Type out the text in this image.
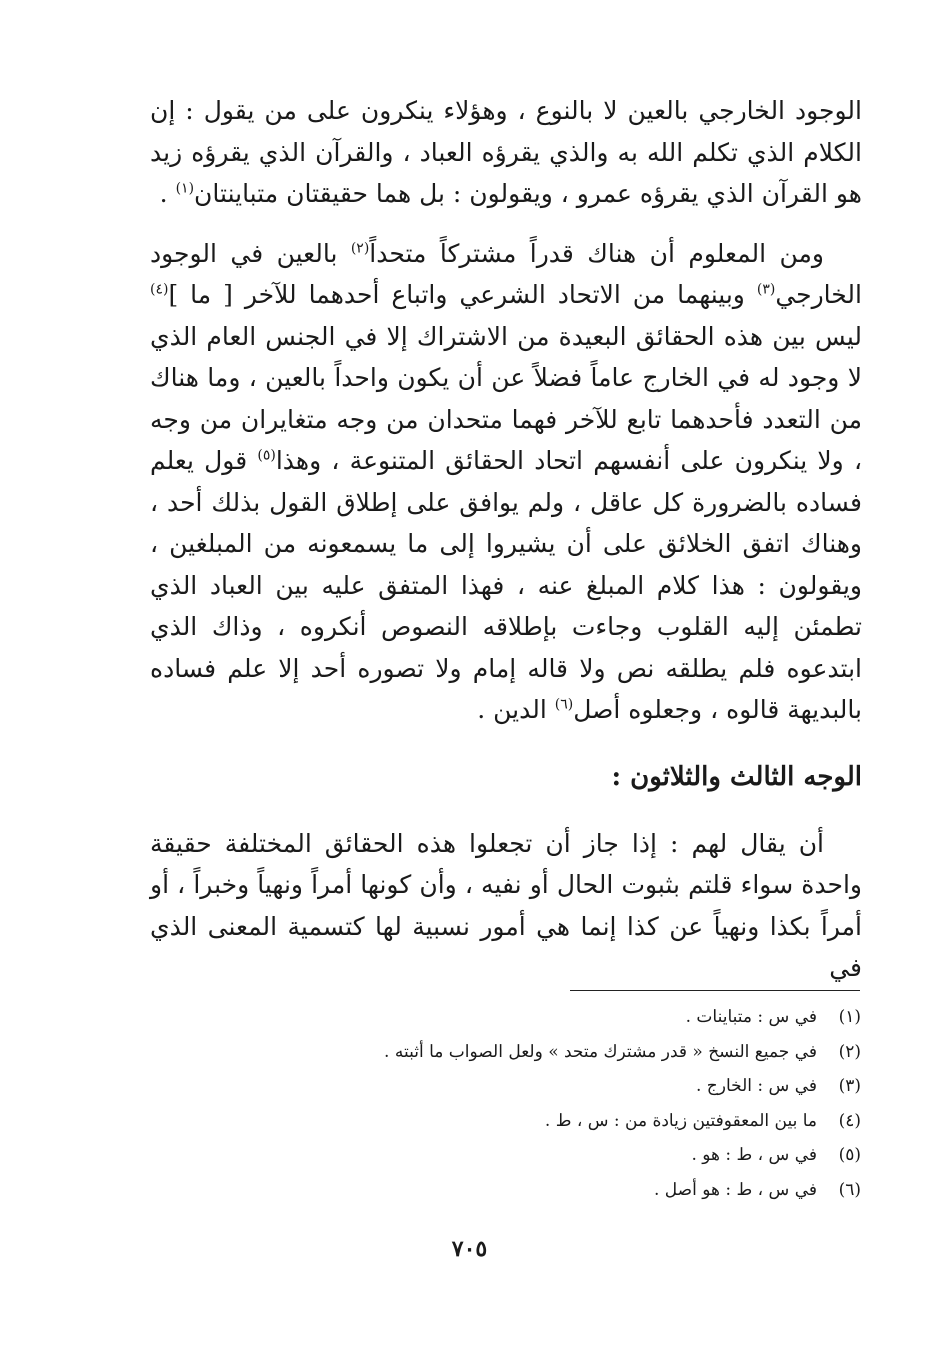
الوجود الخارجي بالعين لا بالنوع ، وهؤلاء ينكرون على من يقول : إن الكلام الذي تكلم الله به والذي يقرؤه العباد ، والقرآن الذي يقرؤه زيد هو القرآن الذي يقرؤه عمرو ، ويقولون : بل هما حقيقتان متباينتان$^{(١)}$ .

ومن المعلوم أن هناك قدراً مشتركاً متحداً$^{(٢)}$ بالعين في الوجود الخارجي$^{(٣)}$ وبينهما من الاتحاد الشرعي واتباع أحدهما للآخر [ ما ]$^{(٤)}$ ليس بين هذه الحقائق البعيدة من الاشتراك إلا في الجنس العام الذي لا وجود له في الخارج عاماً فضلاً عن أن يكون واحداً بالعين ، وما هناك من التعدد فأحدهما تابع للآخر فهما متحدان من وجه متغايران من وجه ، ولا ينكرون على أنفسهم اتحاد الحقائق المتنوعة ، وهذا$^{(٥)}$ قول يعلم فساده بالضرورة كل عاقل ، ولم يوافق على إطلاق القول بذلك أحد ، وهناك اتفق الخلائق على أن يشيروا إلى ما يسمعونه من المبلغين ، ويقولون : هذا كلام المبلغ عنه ، فهذا المتفق عليه بين العباد الذي تطمئن إليه القلوب وجاءت بإطلاقه النصوص أنكروه ، وذاك الذي ابتدعوه فلم يطلقه نص ولا قاله إمام ولا تصوره أحد إلا علم فساده بالبديهة قالوه ، وجعلوه أصل$^{(٦)}$ الدين .

الوجه الثالث والثلاثون :

أن يقال لهم : إذا جاز أن تجعلوا هذه الحقائق المختلفة حقيقة واحدة سواء قلتم بثبوت الحال أو نفيه ، وأن كونها أمراً ونهياً وخبراً ، أو أمراً بكذا ونهياً عن كذا إنما هي أمور نسبية لها كتسمية المعنى الذي في

(١)
في س : متباينات .
(٢)
في جميع النسخ « قدر مشترك متحد » ولعل الصواب ما أثبته .
(٣)
في س : الخارج .
(٤)
ما بين المعقوفتين زيادة من : س ، ط .
(٥)
في س ، ط : هو .
(٦)
في س ، ط : هو أصل .
٧٠٥
